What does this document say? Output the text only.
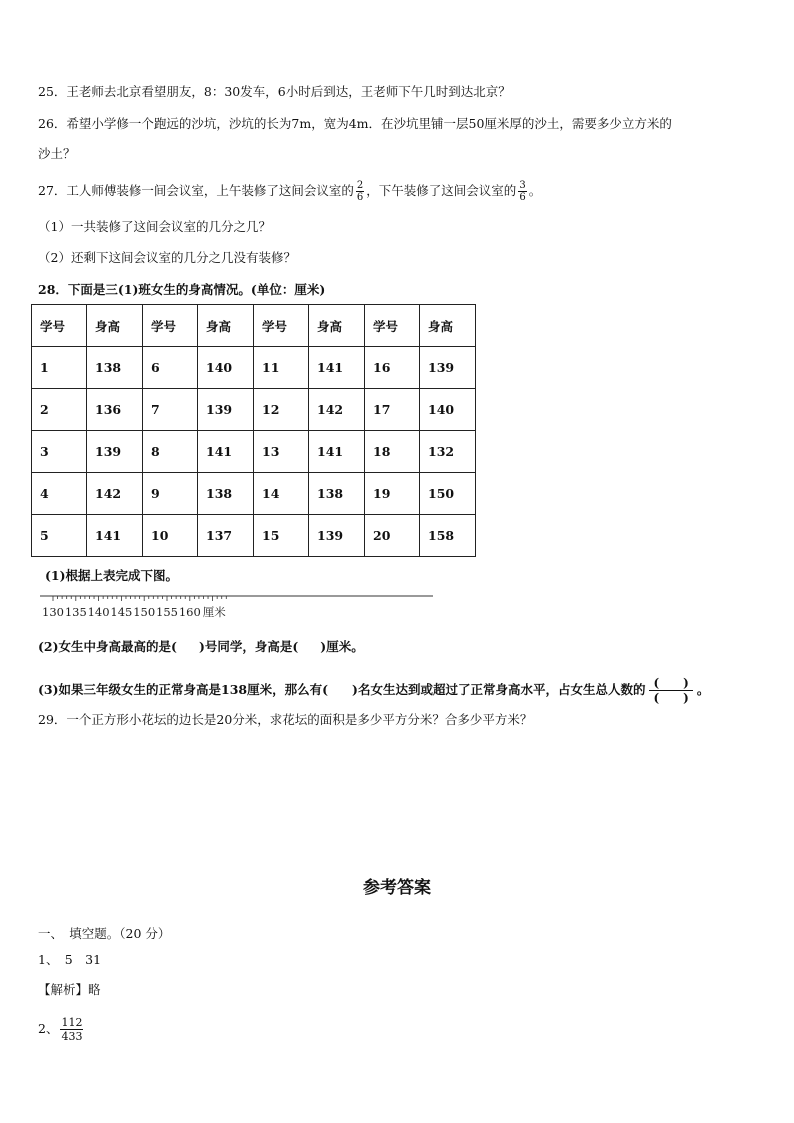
25．王老师去北京看望朋友，8：30发车，6小时后到达，王老师下午几时到达北京？
26．希望小学修一个跑远的沙坑，沙坑的长为7m，宽为4m．在沙坑里铺一层50厘米厚的沙土，需要多少立方米的
沙土？
27．工人师傅装修一间会议室，上午装修了这间会议室的 $\frac{2}{6}$ ，下午装修了这间会议室的 $\frac{3}{6}$ 。
（1）一共装修了这间会议室的几分之几？
（2）还剩下这间会议室的几分之几没有装修？
28．下面是三(1)班女生的身高情况。(单位：厘米)
学号	身高	学号	身高	学号	身高	学号	身高
1	138	6	140	11	141	16	139
2	136	7	139	12	142	17	140
3	139	8	141	13	141	18	132
4	142	9	138	14	138	19	150
5	141	10	137	15	139	20	158
(1)根据上表完成下图。
130 135 140 145 150 155 160 厘米
(2)女生中身高最高的是( )号同学，身高是( )厘米。
(3)如果三年级女生的正常身高是138厘米，那么有( )名女生达到或超过了正常身高水平，占女生总人数的 $\frac{( )}{( )}$ 。
29．一个正方形小花坛的边长是20分米，求花坛的面积是多少平方分米？合多少平方米？
参考答案
一、　填空题。（20 分）
1、　5　31
【解析】略
2、 $\frac{112}{433}$
